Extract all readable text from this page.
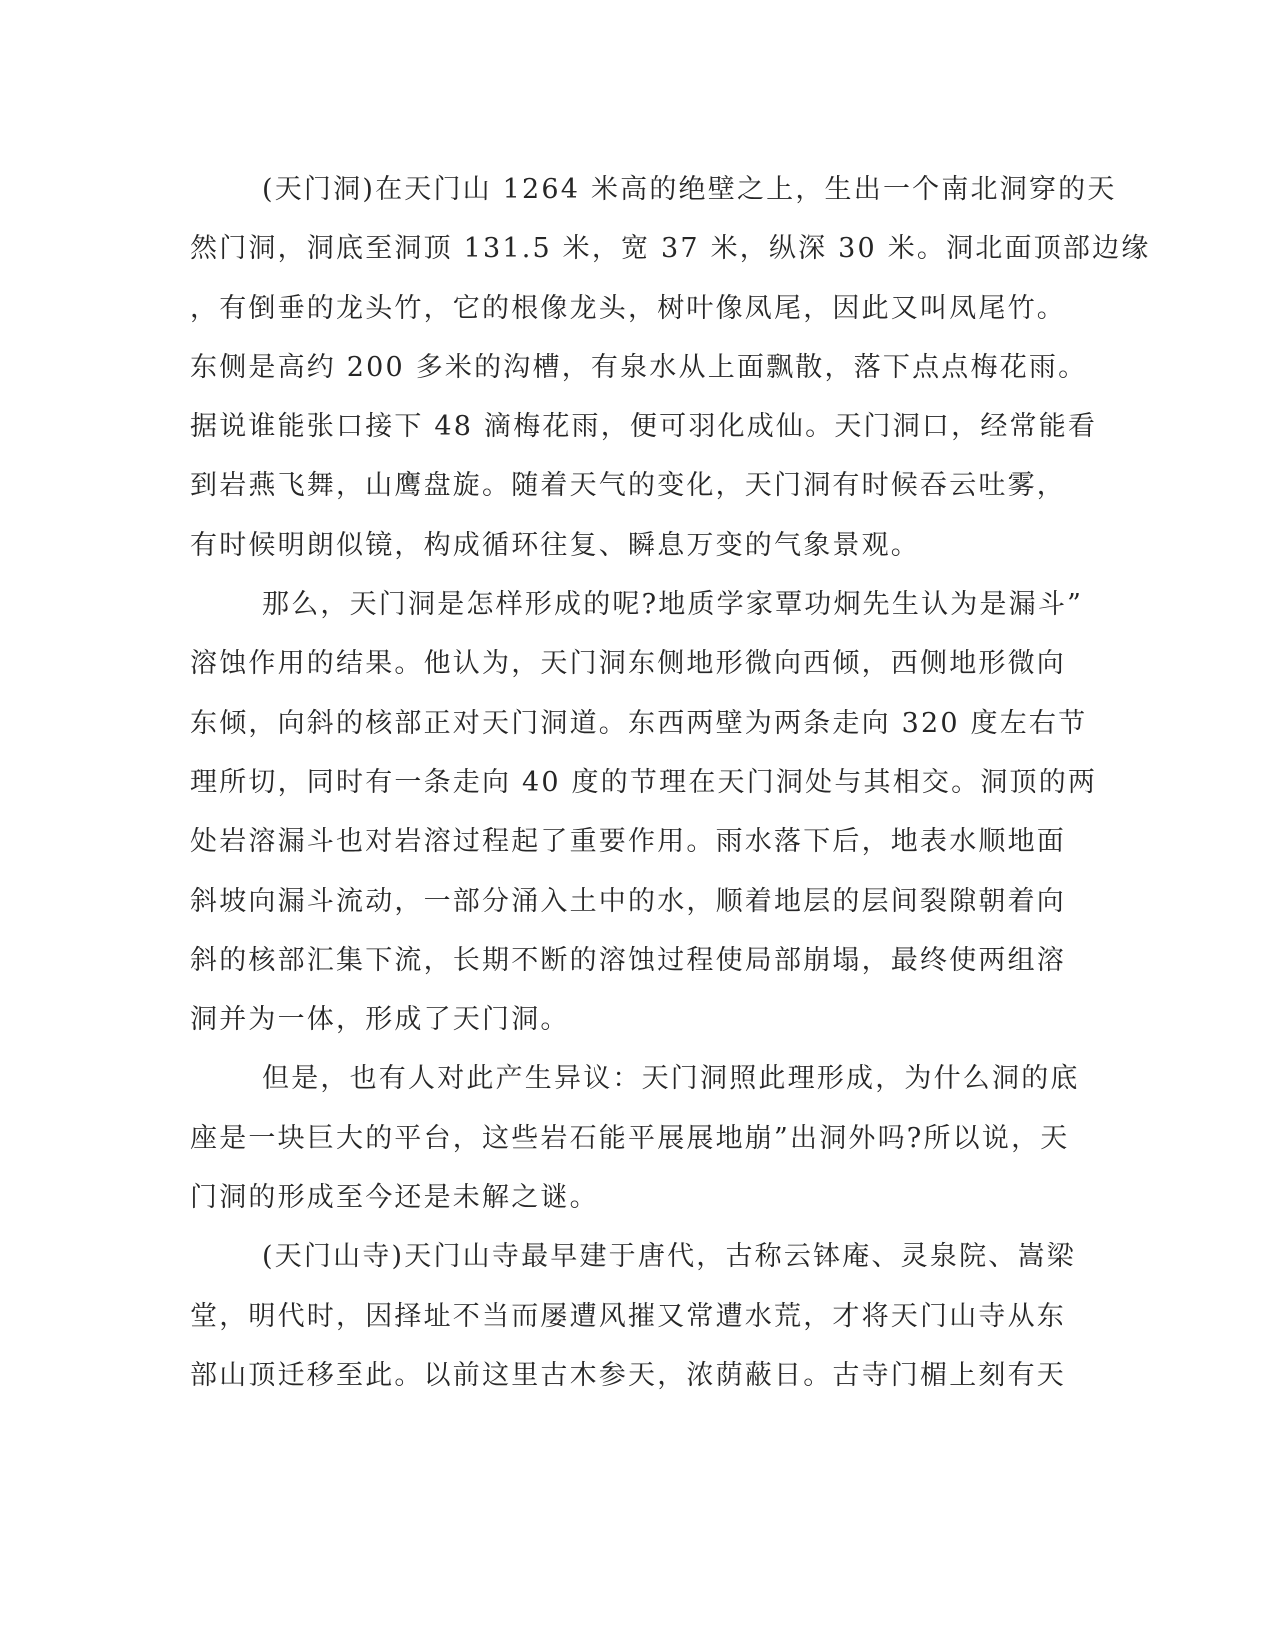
(天门洞)在天门山 1264 米高的绝壁之上，生出一个南北洞穿的天
然门洞，洞底至洞顶 131.5 米，宽 37 米，纵深 30 米。洞北面顶部边缘
，有倒垂的龙头竹，它的根像龙头，树叶像凤尾，因此又叫凤尾竹。
东侧是高约 200 多米的沟槽，有泉水从上面飘散，落下点点梅花雨。
据说谁能张口接下 48 滴梅花雨，便可羽化成仙。天门洞口，经常能看
到岩燕飞舞，山鹰盘旋。随着天气的变化，天门洞有时候吞云吐雾，
有时候明朗似镜，构成循环往复、瞬息万变的气象景观。
那么，天门洞是怎样形成的呢?地质学家覃功炯先生认为是漏斗”
溶蚀作用的结果。他认为，天门洞东侧地形微向西倾，西侧地形微向
东倾，向斜的核部正对天门洞道。东西两壁为两条走向 320 度左右节
理所切，同时有一条走向 40 度的节理在天门洞处与其相交。洞顶的两
处岩溶漏斗也对岩溶过程起了重要作用。雨水落下后，地表水顺地面
斜坡向漏斗流动，一部分涌入土中的水，顺着地层的层间裂隙朝着向
斜的核部汇集下流，长期不断的溶蚀过程使局部崩塌，最终使两组溶
洞并为一体，形成了天门洞。
但是，也有人对此产生异议：天门洞照此理形成，为什么洞的底
座是一块巨大的平台，这些岩石能平展展地崩”出洞外吗?所以说，天
门洞的形成至今还是未解之谜。
(天门山寺)天门山寺最早建于唐代，古称云钵庵、灵泉院、嵩梁
堂，明代时，因择址不当而屡遭风摧又常遭水荒，才将天门山寺从东
部山顶迁移至此。以前这里古木参天，浓荫蔽日。古寺门楣上刻有天
